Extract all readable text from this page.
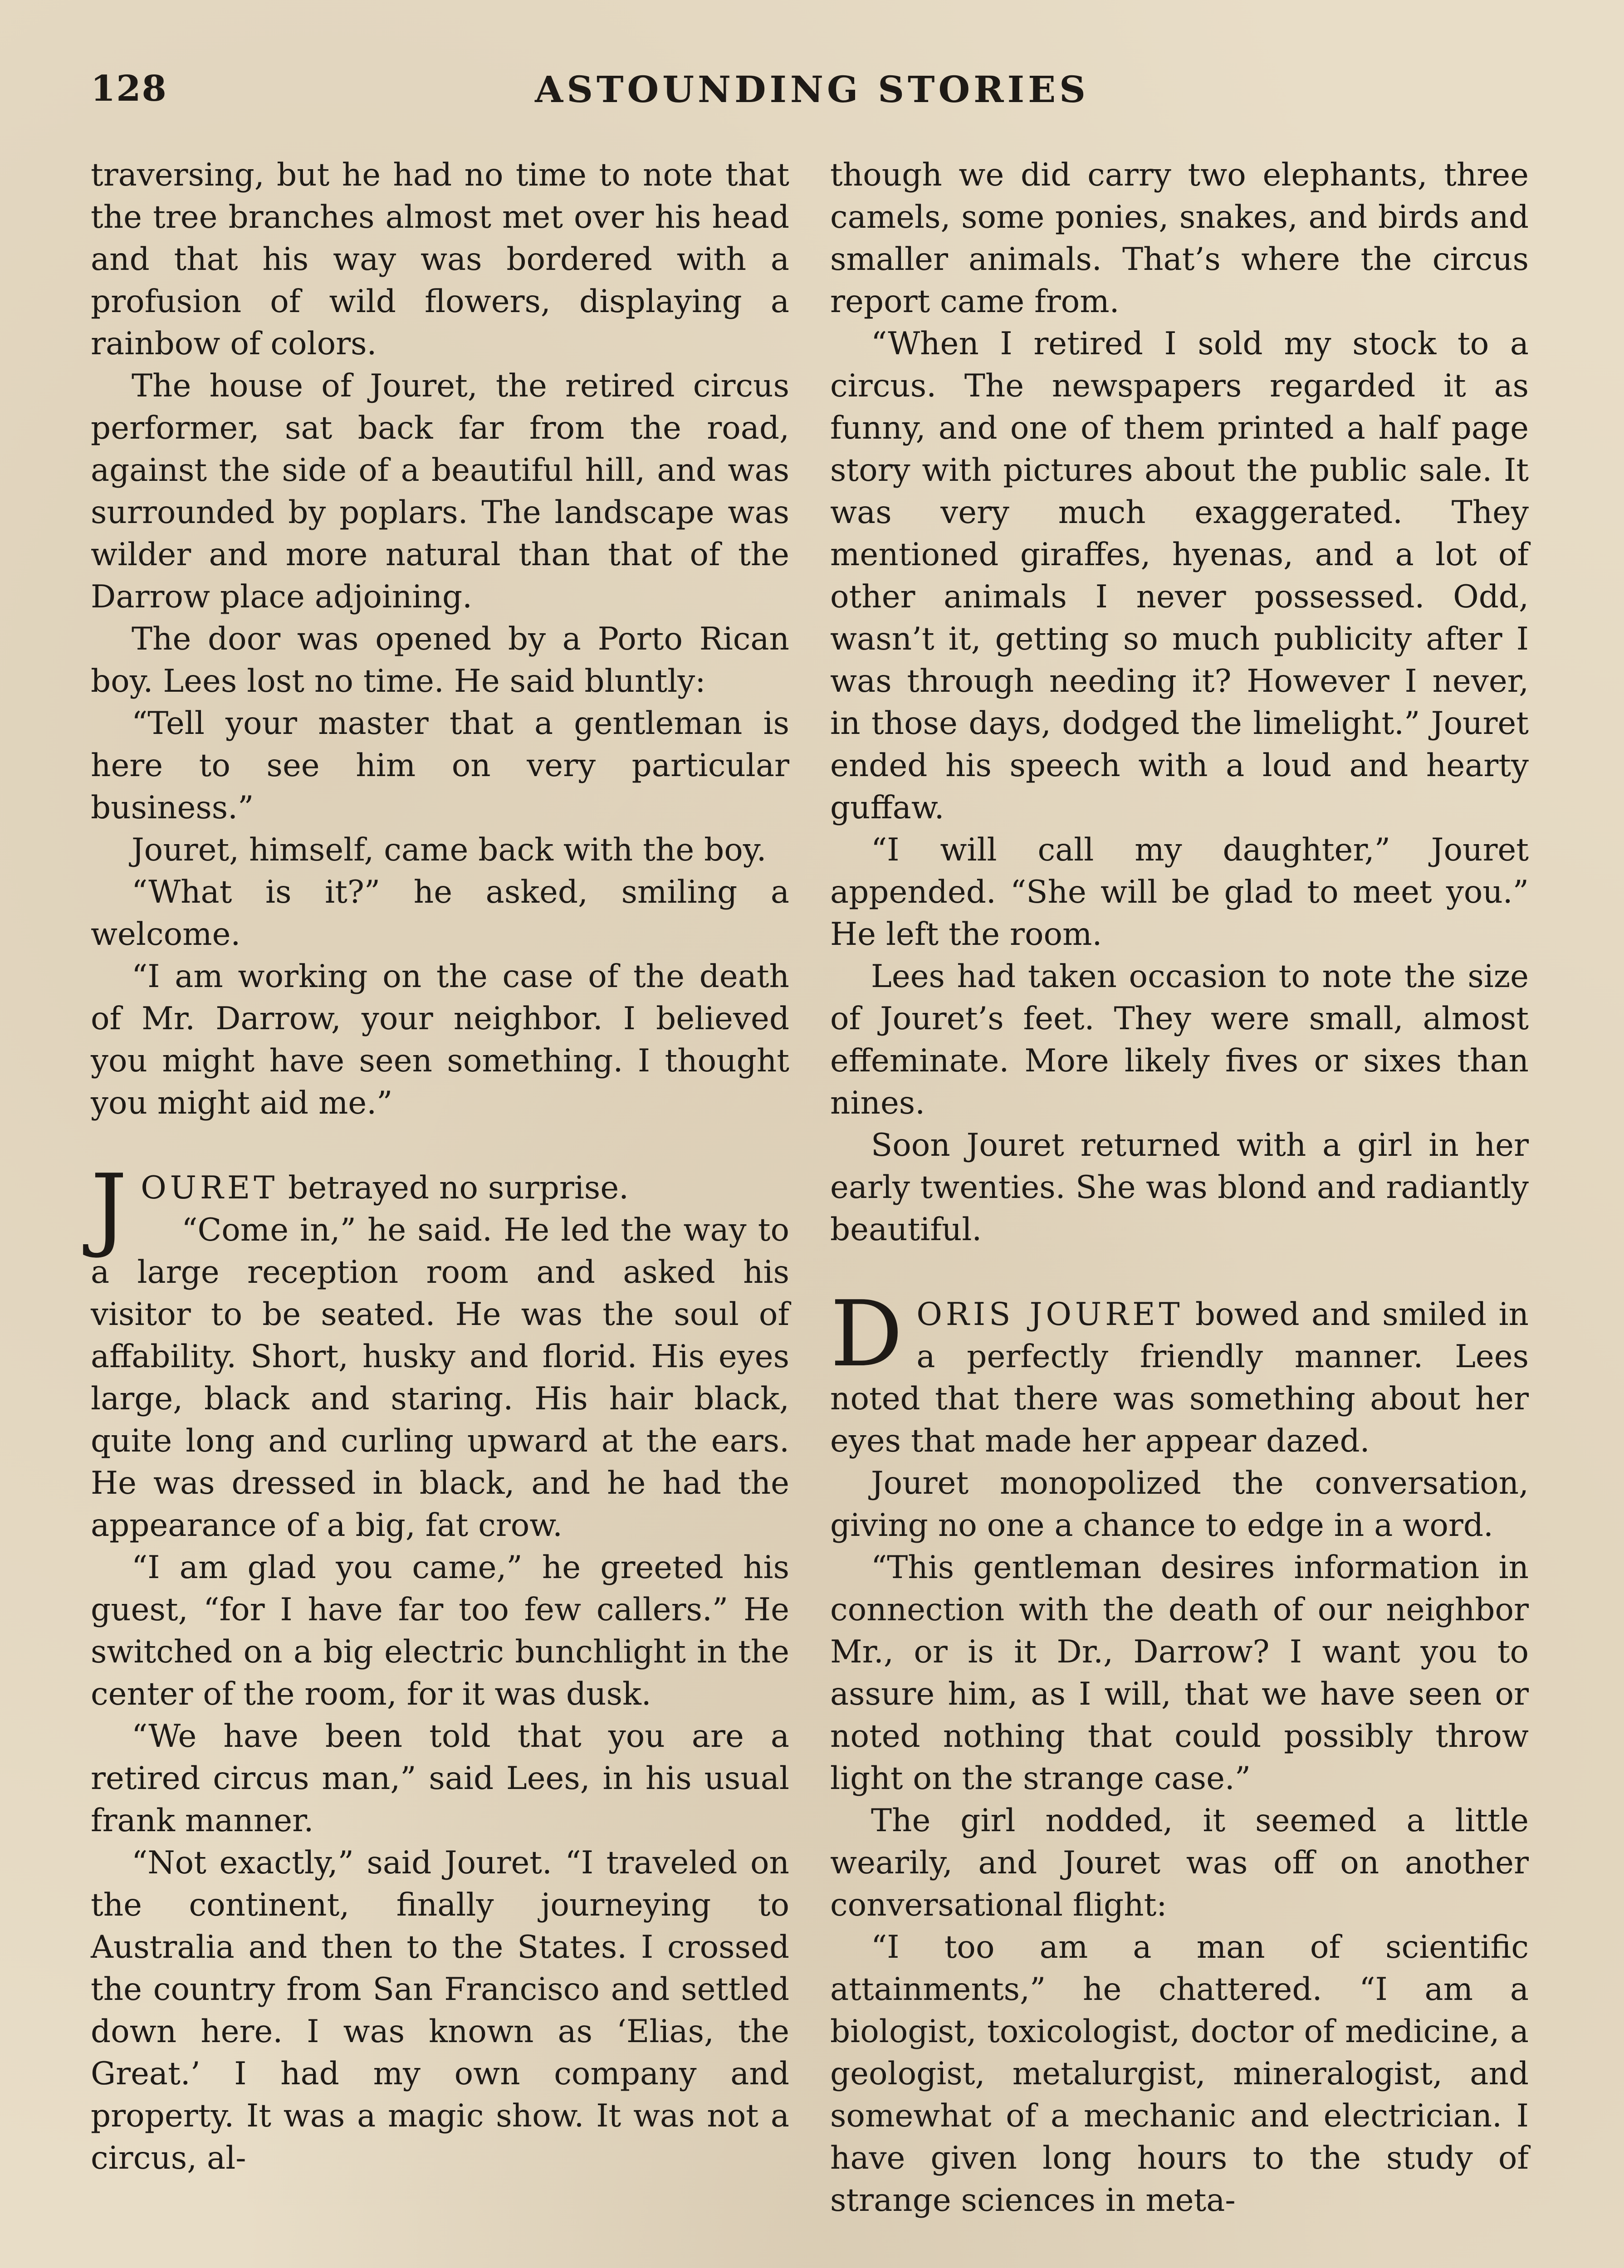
128	ASTOUNDING STORIES

traversing, but he had no time to note that the tree branches almost met over his head and that his way was bordered with a profusion of wild flowers, displaying a rainbow of colors.

The house of Jouret, the retired circus performer, sat back far from the road, against the side of a beautiful hill, and was surrounded by poplars. The landscape was wilder and more natural than that of the Darrow place adjoining.

The door was opened by a Porto Rican boy. Lees lost no time. He said bluntly:

“Tell your master that a gentleman is here to see him on very particular business.”

Jouret, himself, came back with the boy.

“What is it?” he asked, smiling a welcome.

“I am working on the case of the death of Mr. Darrow, your neighbor. I believed you might have seen something. I thought you might aid me.”

JOURET betrayed no surprise.

“Come in,” he said. He led the way to a large reception room and asked his visitor to be seated. He was the soul of affability. Short, husky and florid. His eyes large, black and staring. His hair black, quite long and curling upward at the ears. He was dressed in black, and he had the appearance of a big, fat crow.

“I am glad you came,” he greeted his guest, “for I have far too few callers.” He switched on a big electric bunchlight in the center of the room, for it was dusk.

“We have been told that you are a retired circus man,” said Lees, in his usual frank manner.

“Not exactly,” said Jouret. “I traveled on the continent, finally journeying to Australia and then to the States. I crossed the country from San Francisco and settled down here. I was known as ‘Elias, the Great.’ I had my own company and property. It was a magic show. It was not a circus, al-

though we did carry two elephants, three camels, some ponies, snakes, and birds and smaller animals. That’s where the circus report came from.

“When I retired I sold my stock to a circus. The newspapers regarded it as funny, and one of them printed a half page story with pictures about the public sale. It was very much exaggerated. They mentioned giraffes, hyenas, and a lot of other animals I never possessed. Odd, wasn’t it, getting so much publicity after I was through needing it? However I never, in those days, dodged the limelight.” Jouret ended his speech with a loud and hearty guffaw.

“I will call my daughter,” Jouret appended. “She will be glad to meet you.” He left the room.

Lees had taken occasion to note the size of Jouret’s feet. They were small, almost effeminate. More likely fives or sixes than nines.

Soon Jouret returned with a girl in her early twenties. She was blond and radiantly beautiful.

DORIS JOURET bowed and smiled in a perfectly friendly manner. Lees noted that there was something about her eyes that made her appear dazed.

Jouret monopolized the conversation, giving no one a chance to edge in a word.

“This gentleman desires information in connection with the death of our neighbor Mr., or is it Dr., Darrow? I want you to assure him, as I will, that we have seen or noted nothing that could possibly throw light on the strange case.”

The girl nodded, it seemed a little wearily, and Jouret was off on another conversational flight:

“I too am a man of scientific attainments,” he chattered. “I am a biologist, toxicologist, doctor of medicine, a geologist, metalurgist, mineralogist, and somewhat of a mechanic and electrician. I have given long hours to the study of strange sciences in meta-
